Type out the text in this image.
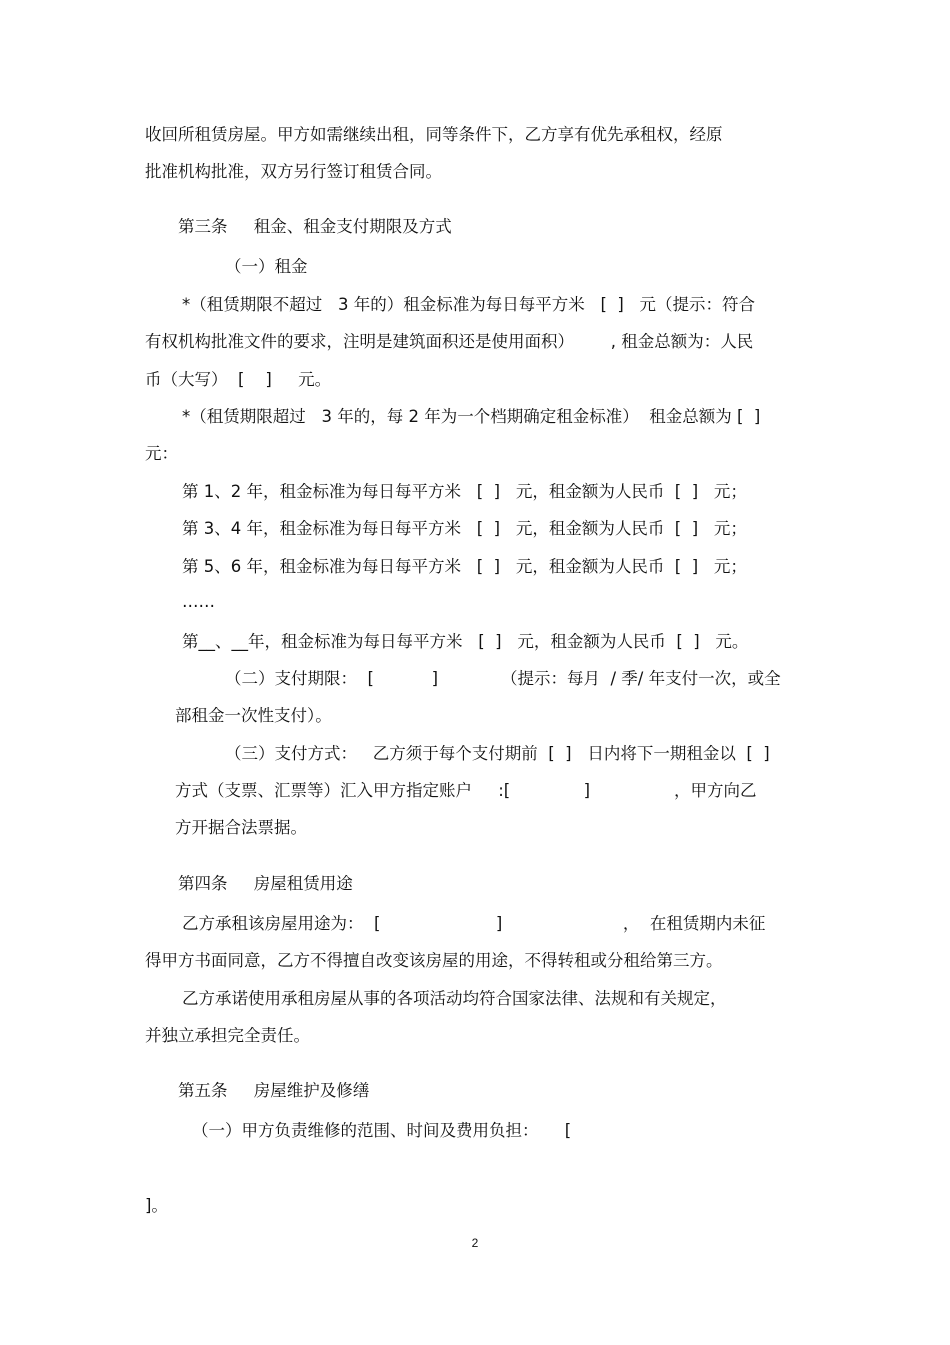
收回所租赁房屋。甲方如需继续出租，同等条件下，乙方享有优先承租权，经原
批准机构批准，双方另行签订租赁合同。
第三条     租金、租金支付期限及方式
（一）租金
*（租赁期限不超过   3 年的）租金标准为每日每平方米   [  ]   元（提示：符合
有权机构批准文件的要求，注明是建筑面积还是使用面积）       , 租金总额为：人民
币（大写）  [    ]     元。
*（租赁期限超过   3 年的，每 2 年为一个档期确定租金标准）  租金总额为 [  ]
元：
第 1、2 年，租金标准为每日每平方米   [  ]   元，租金额为人民币  [  ]   元；
第 3、4 年，租金标准为每日每平方米   [  ]   元，租金额为人民币  [  ]   元；
第 5、6 年，租金标准为每日每平方米   [  ]   元，租金额为人民币  [  ]   元；
……
第__、__年，租金标准为每日每平方米   [  ]   元，租金额为人民币  [  ]   元。
（二）支付期限：  [           ]            （提示：每月  / 季/ 年支付一次，或全
部租金一次性支付）。
（三）支付方式：   乙方须于每个支付期前  [  ]   日内将下一期租金以  [  ]
方式（支票、汇票等）汇入甲方指定账户     :[              ]                ，甲方向乙
方开据合法票据。
第四条     房屋租赁用途
乙方承租该房屋用途为：  [                      ]                       ，  在租赁期内未征
得甲方书面同意，乙方不得擅自改变该房屋的用途，不得转租或分租给第三方。
乙方承诺使用承租房屋从事的各项活动均符合国家法律、法规和有关规定，
并独立承担完全责任。
第五条     房屋维护及修缮
（一）甲方负责维修的范围、时间及费用负担：     [
]。
2
